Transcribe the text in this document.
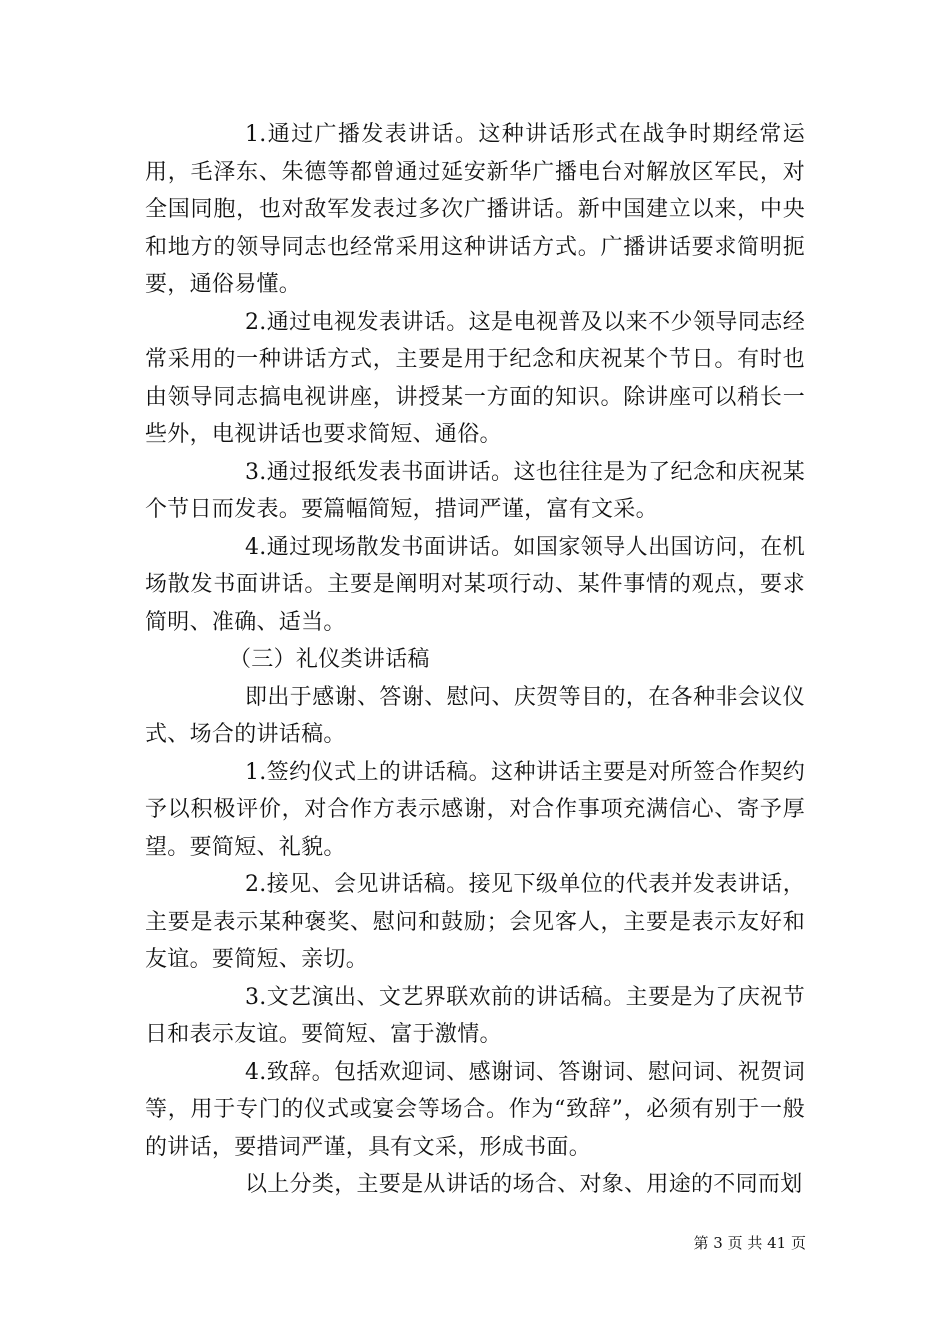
1.通过广播发表讲话。这种讲话形式在战争时期经常运用，毛泽东、朱德等都曾通过延安新华广播电台对解放区军民，对全国同胞，也对敌军发表过多次广播讲话。新中国建立以来，中央和地方的领导同志也经常采用这种讲话方式。广播讲话要求简明扼要，通俗易懂。

2.通过电视发表讲话。这是电视普及以来不少领导同志经常采用的一种讲话方式，主要是用于纪念和庆祝某个节日。有时也由领导同志搞电视讲座，讲授某一方面的知识。除讲座可以稍长一些外，电视讲话也要求简短、通俗。

3.通过报纸发表书面讲话。这也往往是为了纪念和庆祝某个节日而发表。要篇幅简短，措词严谨，富有文采。

4.通过现场散发书面讲话。如国家领导人出国访问，在机场散发书面讲话。主要是阐明对某项行动、某件事情的观点，要求简明、准确、适当。

（三）礼仪类讲话稿

即出于感谢、答谢、慰问、庆贺等目的，在各种非会议仪式、场合的讲话稿。

1.签约仪式上的讲话稿。这种讲话主要是对所签合作契约予以积极评价，对合作方表示感谢，对合作事项充满信心、寄予厚望。要简短、礼貌。

2.接见、会见讲话稿。接见下级单位的代表并发表讲话，主要是表示某种褒奖、慰问和鼓励；会见客人，主要是表示友好和友谊。要简短、亲切。

3.文艺演出、文艺界联欢前的讲话稿。主要是为了庆祝节日和表示友谊。要简短、富于激情。

4.致辞。包括欢迎词、感谢词、答谢词、慰问词、祝贺词等，用于专门的仪式或宴会等场合。作为“致辞”，必须有别于一般的讲话，要措词严谨，具有文采，形成书面。

以上分类，主要是从讲话的场合、对象、用途的不同而划

第 3 页 共 41 页
